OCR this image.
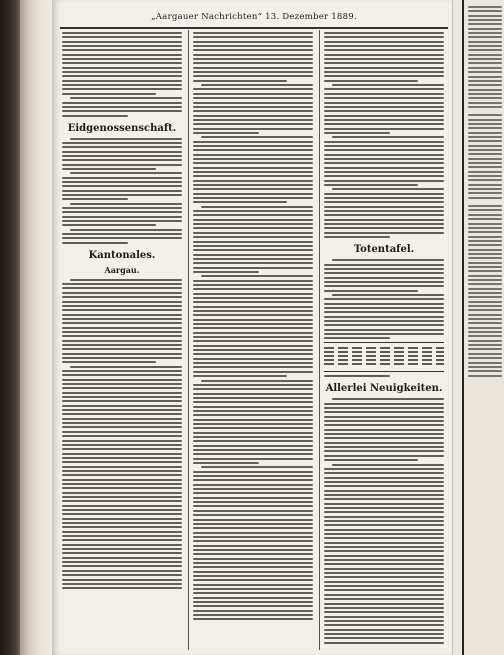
„Aargauer Nachrichten“ 13. Dezember 1889.
Eidgenossenschaft.
Kantonales.
Aargau.
Totentafel.
Allerlei Neuigkeiten.
